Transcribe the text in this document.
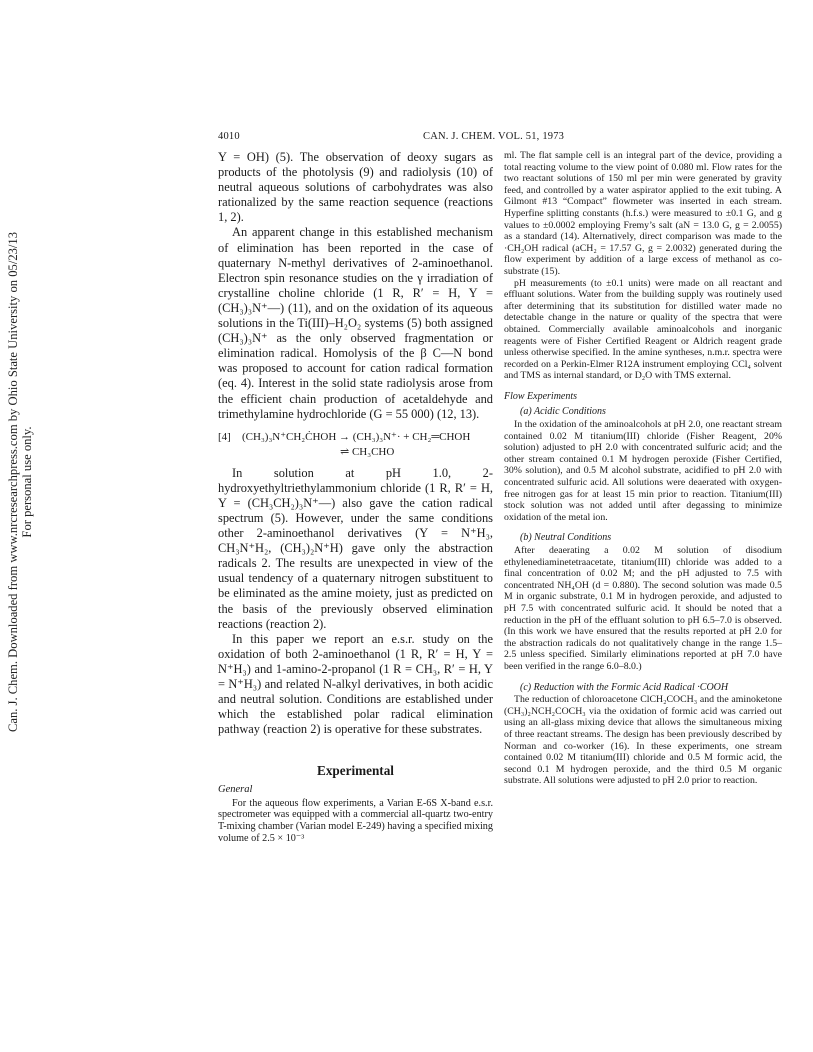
Can. J. Chem. Downloaded from www.nrcresearchpress.com by Ohio State University on 05/23/13 For personal use only.
4010	CAN. J. CHEM. VOL. 51, 1973

Y = OH) (5). The observation of deoxy sugars as products of the photolysis (9) and radiolysis (10) of neutral aqueous solutions of carbohydrates was also rationalized by the same reaction sequence (reactions 1, 2).

An apparent change in this established mechanism of elimination has been reported in the case of quaternary N-methyl derivatives of 2-aminoethanol. Electron spin resonance studies on the γ irradiation of crystalline choline chloride (1 R, R′ = H, Y = (CH₃)₃N⁺—) (11), and on the oxidation of its aqueous solutions in the Ti(III)–H₂O₂ systems (5) both assigned (CH₃)₃N⁺ as the only observed fragmentation or elimination radical. Homolysis of the β C—N bond was proposed to account for cation radical formation (eq. 4). Interest in the solid state radiolysis arose from the efficient chain production of acetaldehyde and trimethylamine hydrochloride (G = 55 000) (12, 13).

[4] (CH₃)₃N⁺CH₂ĊHOH → (CH₃)₃N⁺· + CH₂═CHOH
⇌ CH₃CHO

In solution at pH 1.0, 2-hydroxyethyltriethylammonium chloride (1 R, R′ = H, Y = (CH₃CH₂)₃N⁺—) also gave the cation radical spectrum (5). However, under the same conditions other 2-aminoethanol derivatives (Y = N⁺H₃, CH₃N⁺H₂, (CH₃)₂N⁺H) gave only the abstraction radicals 2. The results are unexpected in view of the usual tendency of a quaternary nitrogen substituent to be eliminated as the amine moiety, just as predicted on the basis of the previously observed elimination reactions (reaction 2).

In this paper we report an e.s.r. study on the oxidation of both 2-aminoethanol (1 R, R′ = H, Y = N⁺H₃) and 1-amino-2-propanol (1 R = CH₃, R′ = H, Y = N⁺H₃) and related N-alkyl derivatives, in both acidic and neutral solution. Conditions are established under which the established polar radical elimination pathway (reaction 2) is operative for these substrates.

Experimental
General

For the aqueous flow experiments, a Varian E-6S X-band e.s.r. spectrometer was equipped with a commercial all-quartz two-entry T-mixing chamber (Varian model E-249) having a specified mixing volume of 2.5 × 10⁻³

ml. The flat sample cell is an integral part of the device, providing a total reacting volume to the view point of 0.080 ml. Flow rates for the two reactant solutions of 150 ml per min were generated by gravity feed, and controlled by a water aspirator applied to the exit tubing. A Gilmont #13 “Compact” flowmeter was inserted in each stream. Hyperfine splitting constants (h.f.s.) were measured to ±0.1 G, and g values to ±0.0002 employing Fremy’s salt (aN = 13.0 G, g = 2.0055) as a standard (14). Alternatively, direct comparison was made to the ·CH₂OH radical (aCH₂ = 17.57 G, g = 2.0032) generated during the flow experiment by addition of a large excess of methanol as co-substrate (15).

pH measurements (to ±0.1 units) were made on all reactant and effluant solutions. Water from the building supply was routinely used after determining that its substitution for distilled water made no detectable change in the nature or quality of the spectra that were obtained. Commercially available aminoalcohols and inorganic reagents were of Fisher Certified Reagent or Aldrich reagent grade unless otherwise specified. In the amine syntheses, n.m.r. spectra were recorded on a Perkin-Elmer R12A instrument employing CCl₄ solvent and TMS as internal standard, or D₂O with TMS external.

Flow Experiments
(a) Acidic Conditions

In the oxidation of the aminoalcohols at pH 2.0, one reactant stream contained 0.02 M titanium(III) chloride (Fisher Reagent, 20% solution) adjusted to pH 2.0 with concentrated sulfuric acid; and the other stream contained 0.1 M hydrogen peroxide (Fisher Certified, 30% solution), and 0.5 M alcohol substrate, acidified to pH 2.0 with concentrated sulfuric acid. All solutions were deaerated with oxygen-free nitrogen gas for at least 15 min prior to reaction. Titanium(III) stock solution was not added until after degassing to minimize oxidation of the metal ion.

(b) Neutral Conditions

After deaerating a 0.02 M solution of disodium ethylenediaminetetraacetate, titanium(III) chloride was added to a final concentration of 0.02 M; and the pH adjusted to 7.5 with concentrated NH₄OH (d = 0.880). The second solution was made 0.5 M in organic substrate, 0.1 M in hydrogen peroxide, and adjusted to pH 7.5 with concentrated sulfuric acid. It should be noted that a reduction in the pH of the effluant solution to pH 6.5–7.0 is observed. (In this work we have ensured that the results reported at pH 2.0 for the abstraction radicals do not qualitatively change in the range 1.5–2.5 unless specified. Similarly eliminations reported at pH 7.0 have been verified in the range 6.0–8.0.)

(c) Reduction with the Formic Acid Radical ·COOH

The reduction of chloroacetone ClCH₂COCH₃ and the aminoketone (CH₃)₂NCH₂COCH₃ via the oxidation of formic acid was carried out using an all-glass mixing device that allows the simultaneous mixing of three reactant streams. The design has been previously described by Norman and co-worker (16). In these experiments, one stream contained 0.02 M titanium(III) chloride and 0.5 M formic acid, the second 0.1 M hydrogen peroxide, and the third 0.5 M organic substrate. All solutions were adjusted to pH 2.0 prior to reaction.
